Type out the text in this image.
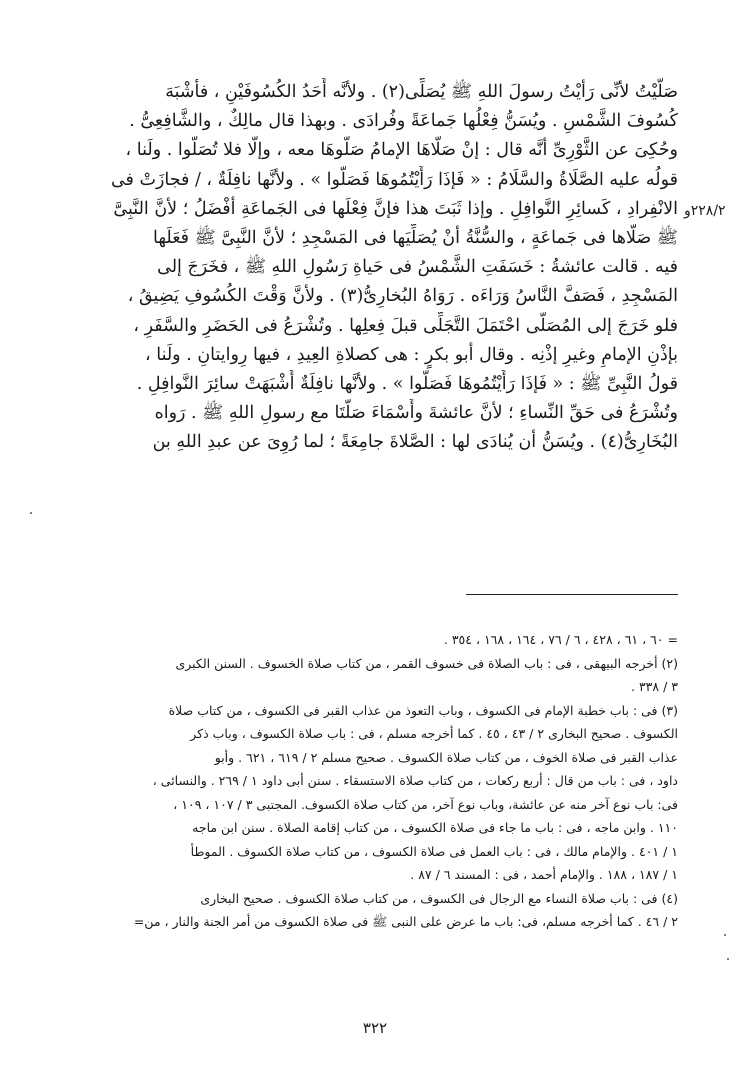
٢٢٨/٢و
صَلَّيْتُ لأنِّى رَأيْتُ رسولَ اللهِ ﷺ يُصَلِّى(٢) . ولأنَّه أَحَدُ الكُسُوفَيْنِ ، فأَشْبَهَ
كُسُوفَ الشَّمْسِ . ويُسَنُّ فِعْلُها جَماعَةً وفُرادَى . وبهذا قال مالِكٌ ، والشَّافِعِىُّ .
وحُكِىَ عن الثَّوْرِىِّ أنَّه قال : إنْ صَلَّاهَا الإمامُ صَلُّوهَا معه ، وإلَّا فلا تُصَلُّوا . ولَنا ،
قولُه عليه الصَّلَاةُ والسَّلَامُ : « فَإذَا رَأَيْتُمُوهَا فَصَلُّوا » . ولأنَّها نافِلَةٌ ، / فجازَتْ فى
الانْفِرادِ ، كَسائِرِ النَّوافِلِ . وإذا ثَبَتَ هذا فإنَّ فِعْلَها فى الجَماعَةِ أفْضَلُ ؛ لأنَّ النَّبِىَّ
ﷺ صَلَّاها فى جَماعَةٍ ، والسُّنَّةُ أنْ يُصَلِّيَها فى المَسْجِدِ ؛ لأنَّ النَّبِىَّ ﷺ فَعَلَها
فيه . قالت عائشةُ : خَسَفَتِ الشَّمْسُ فى حَياةِ رَسُولِ اللهِ ﷺ ، فخَرَجَ إلى
المَسْجِدِ ، فَصَفَّ النَّاسُ وَرَاءَه . رَوَاهُ البُخارِىُّ(٣) . ولأنَّ وَقْتَ الكُسُوفِ يَضِيقُ ،
فلو خَرَجَ إلى المُصَلَّى احْتَمَلَ التَّجَلِّى قبلَ فِعلِها . وتُشْرَعُ فى الحَضَرِ والسَّفَرِ ،
بإذْنِ الإمامِ وغيرِ إذْنِه . وقال أبو بكرٍ : هى كصلاةِ العِيدِ ، فيها رِوايتانِ . ولَنا ،
قولُ النَّبِىِّ ﷺ : « فَإذَا رَأَيْتُمُوهَا فَصَلُّوا » . ولأنَّها نافِلَةٌ أَشْبَهَتْ سائِرَ النَّوافِلِ .
وتُشْرَعُ فى حَقِّ النِّساءِ ؛ لأنَّ عائشةَ وأَسْمَاءَ صَلَّتَا مع رسولِ اللهِ ﷺ . رَواه
البُخَارِىُّ(٤) . ويُسَنُّ أن يُنادَى لها : الصَّلاةَ جامِعَةً ؛ لما رُوِىَ عن عبدِ اللهِ بن
= ٦٠ ، ٦١ ، ٤٢٨ ، ٦ / ٧٦ ، ١٦٤ ، ١٦٨ ، ٣٥٤ .
(٢) أخرجه البيهقى ، فى : باب الصلاة فى خسوف القمر ، من كتاب صلاة الخسوف . السنن الكبرى
٣ / ٣٣٨ .
(٣) فى : باب خطبة الإمام فى الكسوف ، وباب التعوذ من عذاب القبر فى الكسوف ، من كتاب صلاة
الكسوف . صحيح البخارى ٢ / ٤٣ ، ٤٥ . كما أخرجه مسلم ، فى : باب صلاة الكسوف ، وباب ذكر
عذاب القبر فى صلاة الخوف ، من كتاب صلاة الكسوف . صحيح مسلم ٢ / ٦١٩ ، ٦٢١ . وأبو
داود ، فى : باب من قال : أربع ركعات ، من كتاب صلاة الاستسقاء . سنن أبى داود ١ / ٢٦٩ . والنسائى ،
فى: باب نوع آخر منه عن عائشة، وباب نوع آخر، من كتاب صلاة الكسوف. المجتبى ٣ / ١٠٧ ، ١٠٩ ،
١١٠ . وابن ماجه ، فى : باب ما جاء فى صلاة الكسوف ، من كتاب إقامة الصلاة . سنن ابن ماجه
١ / ٤٠١ . والإمام مالك ، فى : باب العمل فى صلاة الكسوف ، من كتاب صلاة الكسوف . الموطأ
١ / ١٨٧ ، ١٨٨ . والإمام أحمد ، فى : المسند ٦ / ٨٧ .
(٤) فى : باب صلاة النساء مع الرجال فى الكسوف ، من كتاب صلاة الكسوف . صحيح البخارى
٢ / ٤٦ . كما أخرجه مسلم، فى: باب ما عرض على النبى ﷺ فى صلاة الكسوف من أمر الجنة والنار ، من=
٣٢٢
